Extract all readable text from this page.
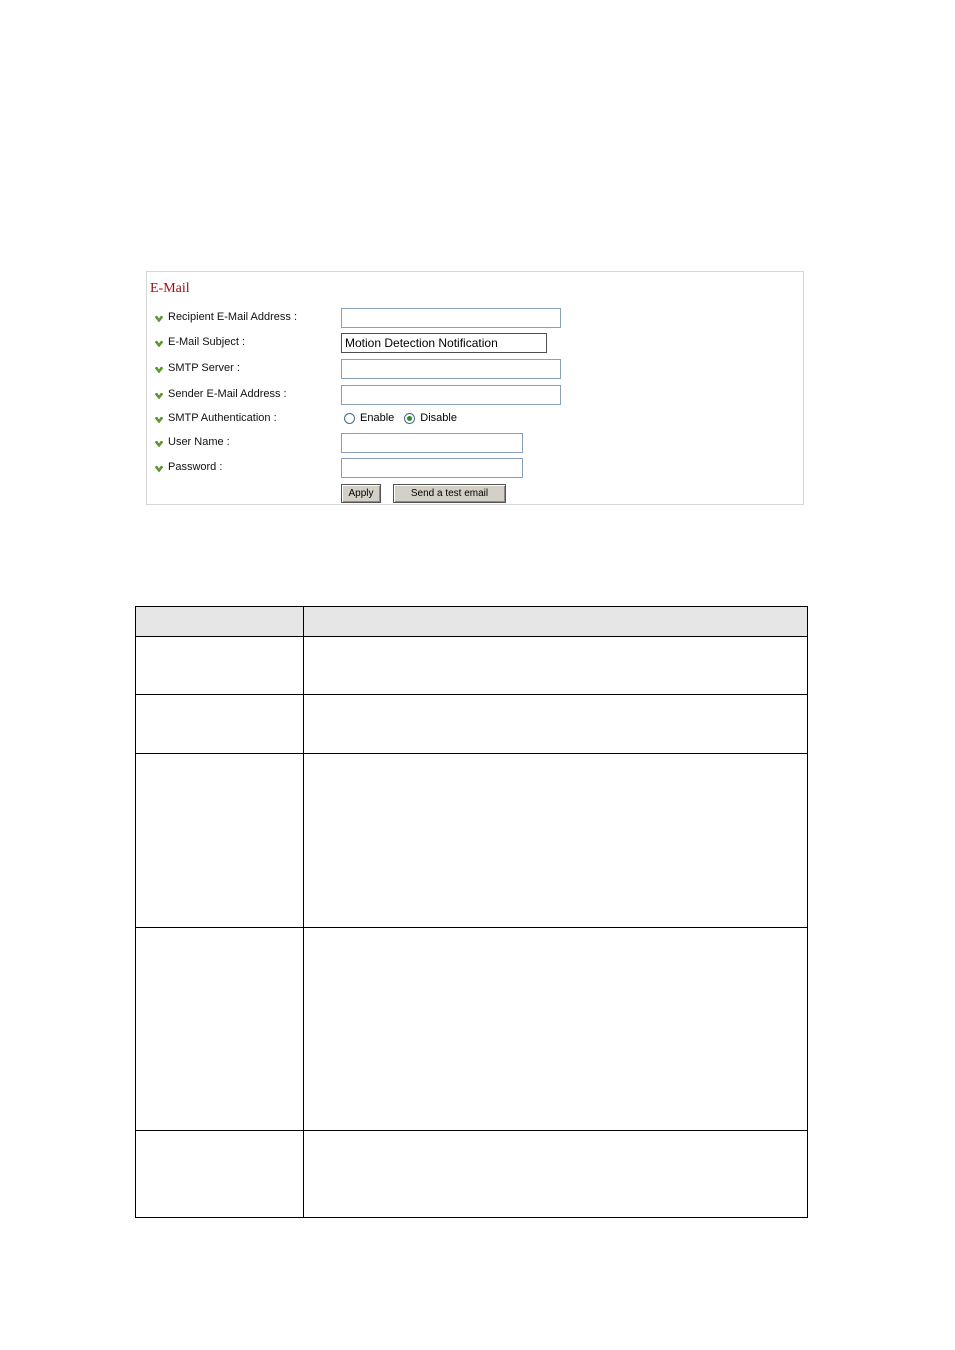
E-Mail
Recipient E-Mail Address :
E-Mail Subject :
Motion Detection Notification
SMTP Server :
Sender E-Mail Address :
SMTP Authentication :	Enable Disable
User Name :
Password :
Apply	Send a test email
